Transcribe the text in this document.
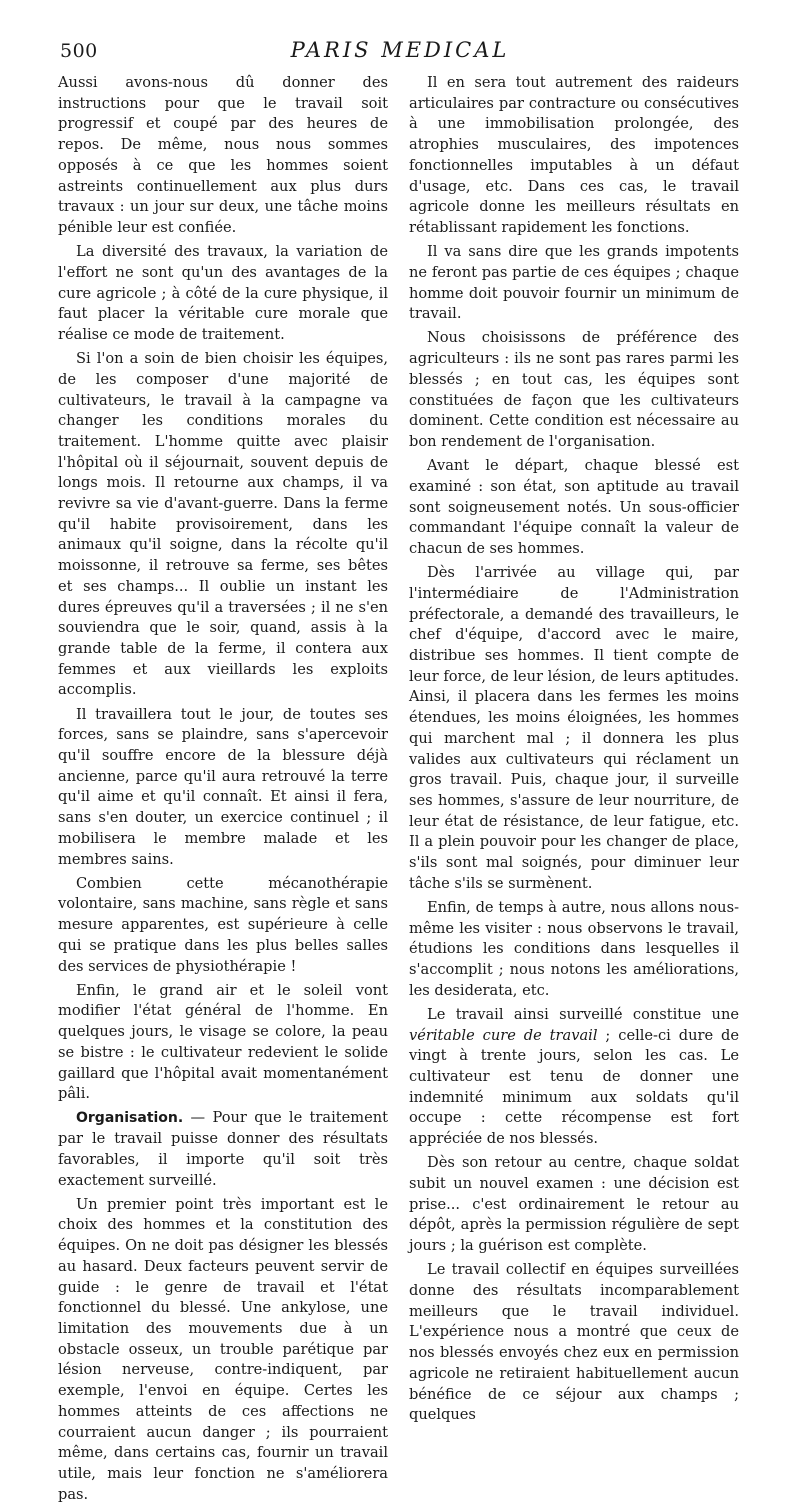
500	PARIS MEDICAL

Aussi avons-nous dû donner des instructions pour que le travail soit progressif et coupé par des heures de repos. De même, nous nous sommes opposés à ce que les hommes soient astreints continuellement aux plus durs travaux : un jour sur deux, une tâche moins pénible leur est confiée.

La diversité des travaux, la variation de l'effort ne sont qu'un des avantages de la cure agricole ; à côté de la cure physique, il faut placer la véritable cure morale que réalise ce mode de traitement.

Si l'on a soin de bien choisir les équipes, de les composer d'une majorité de cultivateurs, le travail à la campagne va changer les conditions morales du traitement. L'homme quitte avec plaisir l'hôpital où il séjournait, souvent depuis de longs mois. Il retourne aux champs, il va revivre sa vie d'avant-guerre. Dans la ferme qu'il habite provisoirement, dans les animaux qu'il soigne, dans la récolte qu'il moissonne, il retrouve sa ferme, ses bêtes et ses champs... Il oublie un instant les dures épreuves qu'il a traversées ; il ne s'en souviendra que le soir, quand, assis à la grande table de la ferme, il contera aux femmes et aux vieillards les exploits accomplis.

Il travaillera tout le jour, de toutes ses forces, sans se plaindre, sans s'apercevoir qu'il souffre encore de la blessure déjà ancienne, parce qu'il aura retrouvé la terre qu'il aime et qu'il connaît. Et ainsi il fera, sans s'en douter, un exercice continuel ; il mobilisera le membre malade et les membres sains.

Combien cette mécanothérapie volontaire, sans machine, sans règle et sans mesure apparentes, est supérieure à celle qui se pratique dans les plus belles salles des services de physiothérapie !

Enfin, le grand air et le soleil vont modifier l'état général de l'homme. En quelques jours, le visage se colore, la peau se bistre : le cultivateur redevient le solide gaillard que l'hôpital avait momentanément pâli.

Organisation. — Pour que le traitement par le travail puisse donner des résultats favorables, il importe qu'il soit très exactement surveillé.

Un premier point très important est le choix des hommes et la constitution des équipes. On ne doit pas désigner les blessés au hasard. Deux facteurs peuvent servir de guide : le genre de travail et l'état fonctionnel du blessé. Une ankylose, une limitation des mouvements due à un obstacle osseux, un trouble parétique par lésion nerveuse, contre-indiquent, par exemple, l'envoi en équipe. Certes les hommes atteints de ces affections ne courraient aucun danger ; ils pourraient même, dans certains cas, fournir un travail utile, mais leur fonction ne s'améliorera pas.

Il en sera tout autrement des raideurs articulaires par contracture ou consécutives à une immobilisation prolongée, des atrophies musculaires, des impotences fonctionnelles imputables à un défaut d'usage, etc. Dans ces cas, le travail agricole donne les meilleurs résultats en rétablissant rapidement les fonctions.

Il va sans dire que les grands impotents ne feront pas partie de ces équipes ; chaque homme doit pouvoir fournir un minimum de travail.

Nous choisissons de préférence des agriculteurs : ils ne sont pas rares parmi les blessés ; en tout cas, les équipes sont constituées de façon que les cultivateurs dominent. Cette condition est nécessaire au bon rendement de l'organisation.

Avant le départ, chaque blessé est examiné : son état, son aptitude au travail sont soigneusement notés. Un sous-officier commandant l'équipe connaît la valeur de chacun de ses hommes.

Dès l'arrivée au village qui, par l'intermédiaire de l'Administration préfectorale, a demandé des travailleurs, le chef d'équipe, d'accord avec le maire, distribue ses hommes. Il tient compte de leur force, de leur lésion, de leurs aptitudes. Ainsi, il placera dans les fermes les moins étendues, les moins éloignées, les hommes qui marchent mal ; il donnera les plus valides aux cultivateurs qui réclament un gros travail. Puis, chaque jour, il surveille ses hommes, s'assure de leur nourriture, de leur état de résistance, de leur fatigue, etc. Il a plein pouvoir pour les changer de place, s'ils sont mal soignés, pour diminuer leur tâche s'ils se surmènent.

Enfin, de temps à autre, nous allons nous-même les visiter : nous observons le travail, étudions les conditions dans lesquelles il s'accomplit ; nous notons les améliorations, les desiderata, etc.

Le travail ainsi surveillé constitue une véritable cure de travail ; celle-ci dure de vingt à trente jours, selon les cas. Le cultivateur est tenu de donner une indemnité minimum aux soldats qu'il occupe : cette récompense est fort appréciée de nos blessés.

Dès son retour au centre, chaque soldat subit un nouvel examen : une décision est prise... c'est ordinairement le retour au dépôt, après la permission régulière de sept jours ; la guérison est complète.

Le travail collectif en équipes surveillées donne des résultats incomparablement meilleurs que le travail individuel. L'expérience nous a montré que ceux de nos blessés envoyés chez eux en permission agricole ne retiraient habituellement aucun bénéfice de ce séjour aux champs ; quelques
